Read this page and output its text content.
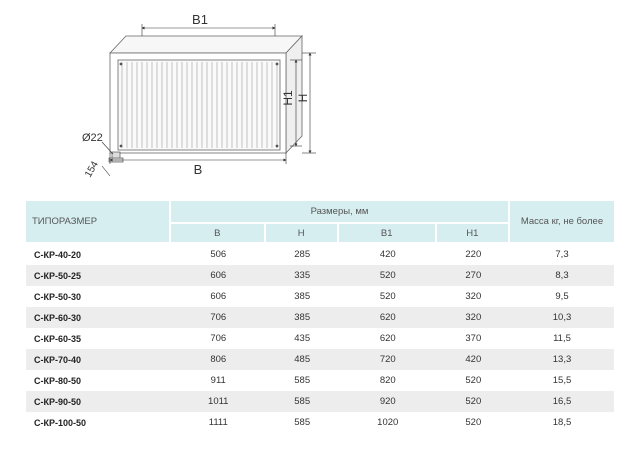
B1
B
H1 H
Ø22
154
ТИПОРАЗМЕР	Размеры, мм				Масса кг, не более
	B	H	B1	H1	
С-КР-40-20	506	285	420	220	7,3
С-КР-50-25	606	335	520	270	8,3
С-КР-50-30	606	385	520	320	9,5
С-КР-60-30	706	385	620	320	10,3
С-КР-60-35	706	435	620	370	11,5
С-КР-70-40	806	485	720	420	13,3
С-КР-80-50	911	585	820	520	15,5
С-КР-90-50	1011	585	920	520	16,5
С-КР-100-50	1111	585	1020	520	18,5
